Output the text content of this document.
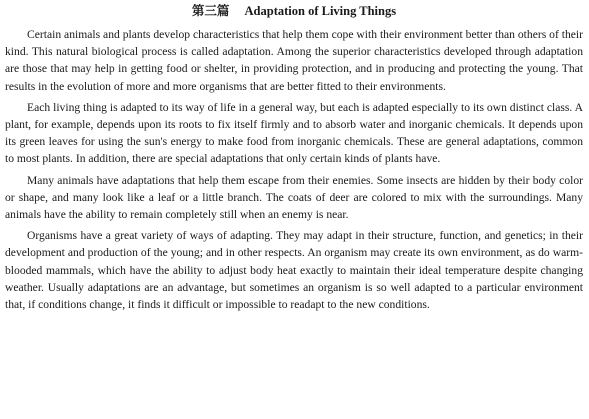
第三篇 Adaptation of Living Things

Certain animals and plants develop characteristics that help them cope with their environment better than others of their kind. This natural biological process is called adaptation. Among the superior characteristics developed through adaptation are those that may help in getting food or shelter, in providing protection, and in producing and protecting the young. That results in the evolution of more and more organisms that are better fitted to their environments.

Each living thing is adapted to its way of life in a general way, but each is adapted especially to its own distinct class. A plant, for example, depends upon its roots to fix itself firmly and to absorb water and inorganic chemicals. It depends upon its green leaves for using the sun's energy to make food from inorganic chemicals. These are general adaptations, common to most plants. In addition, there are special adaptations that only certain kinds of plants have.

Many animals have adaptations that help them escape from their enemies. Some insects are hidden by their body color or shape, and many look like a leaf or a little branch. The coats of deer are colored to mix with the surroundings. Many animals have the ability to remain completely still when an enemy is near.

Organisms have a great variety of ways of adapting. They may adapt in their structure, function, and genetics; in their development and production of the young; and in other respects. An organism may create its own environment, as do warm-blooded mammals, which have the ability to adjust body heat exactly to maintain their ideal temperature despite changing weather. Usually adaptations are an advantage, but sometimes an organism is so well adapted to a particular environment that, if conditions change, it finds it difficult or impossible to readapt to the new conditions.
